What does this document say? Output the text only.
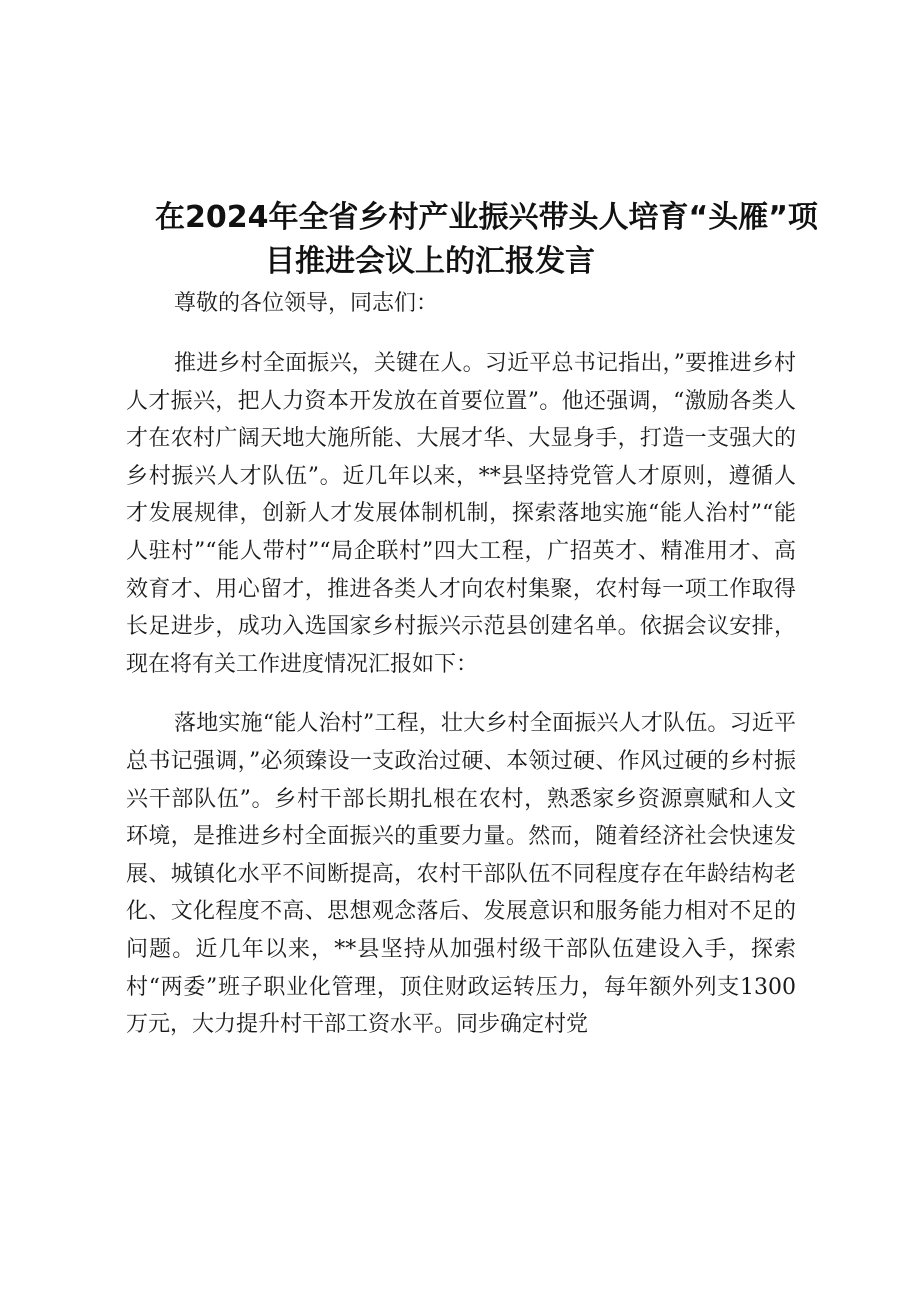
在2024年全省乡村产业振兴带头人培育“头雁”项
目推进会议上的汇报发言

尊敬的各位领导，同志们：

推进乡村全面振兴，关键在人。习近平总书记指出，”要推进乡村人才振兴，把人力资本开发放在首要位置”。他还强调，“激励各类人才在农村广阔天地大施所能、大展才华、大显身手，打造一支强大的乡村振兴人才队伍”。近几年以来，**县坚持党管人才原则，遵循人才发展规律，创新人才发展体制机制，探索落地实施“能人治村”“能人驻村”“能人带村”“局企联村”四大工程，广招英才、精准用才、高效育才、用心留才，推进各类人才向农村集聚，农村每一项工作取得长足进步，成功入选国家乡村振兴示范县创建名单。依据会议安排，现在将有关工作进度情况汇报如下：

落地实施“能人治村”工程，壮大乡村全面振兴人才队伍。习近平总书记强调，”必须臻设一支政治过硬、本领过硬、作风过硬的乡村振兴干部队伍”。乡村干部长期扎根在农村，熟悉家乡资源禀赋和人文环境，是推进乡村全面振兴的重要力量。然而，随着经济社会快速发展、城镇化水平不间断提高，农村干部队伍不同程度存在年龄结构老化、文化程度不高、思想观念落后、发展意识和服务能力相对不足的问题。近几年以来，**县坚持从加强村级干部队伍建设入手，探索村“两委”班子职业化管理，顶住财政运转压力，每年额外列支1300万元，大力提升村干部工资水平。同步确定村党
